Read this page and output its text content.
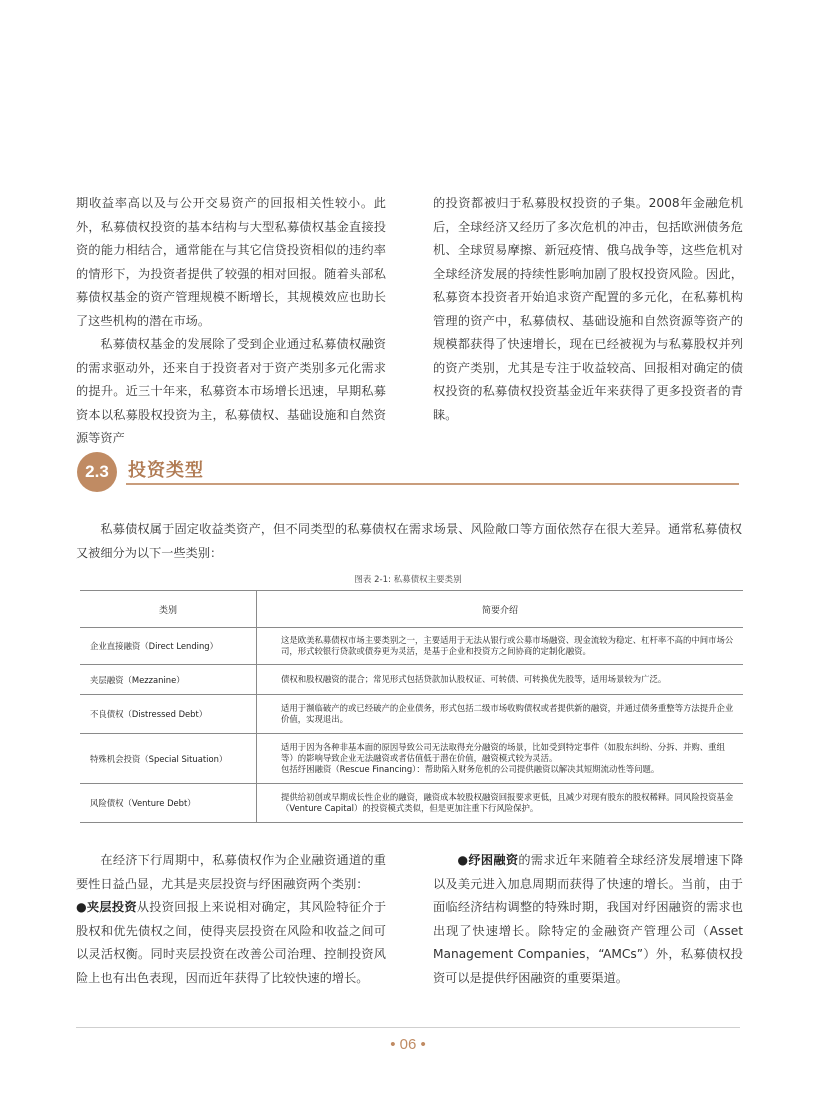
期收益率高以及与公开交易资产的回报相关性较小。此外，私募债权投资的基本结构与大型私募债权基金直接投资的能力相结合，通常能在与其它信贷投资相似的违约率的情形下，为投资者提供了较强的相对回报。随着头部私募债权基金的资产管理规模不断增长，其规模效应也助长了这些机构的潜在市场。

私募债权基金的发展除了受到企业通过私募债权融资的需求驱动外，还来自于投资者对于资产类别多元化需求的提升。近三十年来，私募资本市场增长迅速，早期私募资本以私募股权投资为主，私募债权、基础设施和自然资源等资产

的投资都被归于私募股权投资的子集。2008年金融危机后，全球经济又经历了多次危机的冲击，包括欧洲债务危机、全球贸易摩擦、新冠疫情、俄乌战争等，这些危机对全球经济发展的持续性影响加剧了股权投资风险。因此，私募资本投资者开始追求资产配置的多元化，在私募机构管理的资产中，私募债权、基础设施和自然资源等资产的规模都获得了快速增长，现在已经被视为与私募股权并列的资产类别，尤其是专注于收益较高、回报相对确定的债权投资的私募债权投资基金近年来获得了更多投资者的青睐。

2.3	投资类型

私募债权属于固定收益类资产，但不同类型的私募债权在需求场景、风险敞口等方面依然存在很大差异。通常私募债权又被细分为以下一些类别：

图表 2-1: 私募债权主要类别
类别	简要介绍
企业直接融资（Direct Lending）	这是欧美私募债权市场主要类别之一，主要适用于无法从银行或公募市场融资、现金流较为稳定、杠杆率不高的中间市场公司，形式较银行贷款或债券更为灵活，是基于企业和投资方之间协商的定制化融资。
夹层融资（Mezzanine）	债权和股权融资的混合；常见形式包括贷款加认股权证、可转债、可转换优先股等，适用场景较为广泛。
不良债权（Distressed Debt）	适用于濒临破产的或已经破产的企业债务，形式包括二级市场收购债权或者提供新的融资，并通过债务重整等方法提升企业价值，实现退出。
特殊机会投资（Special Situation）	适用于因为各种非基本面的原因导致公司无法取得充分融资的场景，比如受到特定事件（如股东纠纷、分拆、并购、重组等）的影响导致企业无法融资或者估值低于潜在价值，融资模式较为灵活。
包括纾困融资（Rescue Financing）：帮助陷入财务危机的公司提供融资以解决其短期流动性等问题。

风险债权（Venture Debt）	提供给初创或早期成长性企业的融资，融资成本较股权融资回报要求更低，且减少对现有股东的股权稀释。同风险投资基金（Venture Capital）的投资模式类似，但是更加注重下行风险保护。

在经济下行周期中，私募债权作为企业融资通道的重要性日益凸显，尤其是夹层投资与纾困融资两个类别：

●夹层投资从投资回报上来说相对确定，其风险特征介于股权和优先债权之间，使得夹层投资在风险和收益之间可以灵活权衡。同时夹层投资在改善公司治理、控制投资风险上也有出色表现，因而近年获得了比较快速的增长。

●纾困融资的需求近年来随着全球经济发展增速下降以及美元进入加息周期而获得了快速的增长。当前，由于面临经济结构调整的特殊时期，我国对纾困融资的需求也出现了快速增长。除特定的金融资产管理公司（Asset Management Companies，“AMCs”）外，私募债权投资可以是提供纾困融资的重要渠道。

• 06 •
